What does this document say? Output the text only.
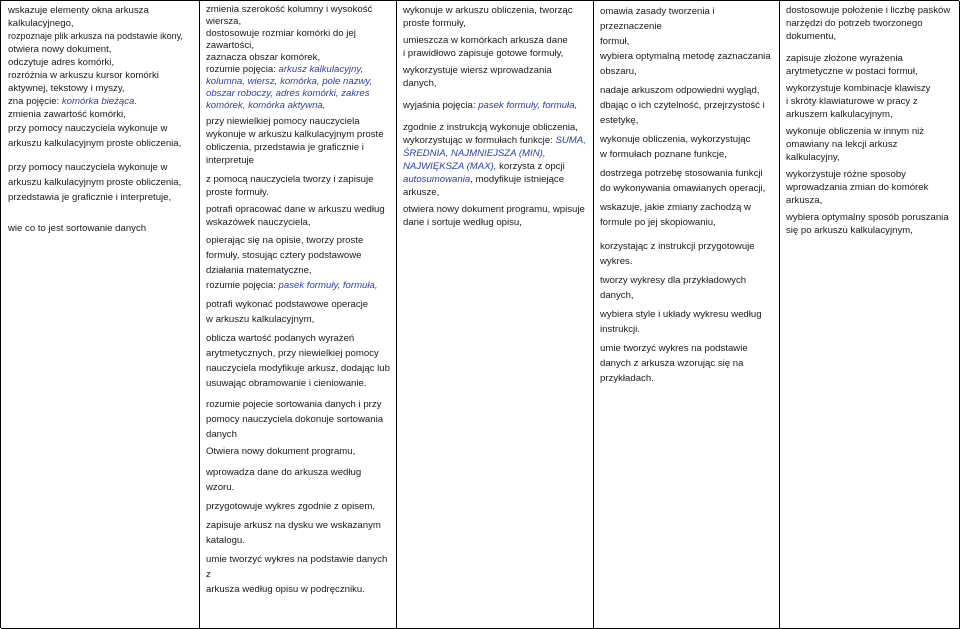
wskazuje elementy okna arkusza

kalkulacyjnego,

rozpoznaje plik arkusza na podstawie ikony,

otwiera nowy dokument,

odczytuje adres komórki,

rozróżnia w arkuszu kursor komórki

aktywnej, tekstowy i myszy,

zna pojęcie: komórka bieżąca.

zmienia zawartość komórki,

przy pomocy nauczyciela wykonuje w

arkuszu kalkulacyjnym proste obliczenia,

przy pomocy nauczyciela wykonuje w

arkuszu kalkulacyjnym proste obliczenia,

przedstawia je graficznie i interpretuje,

wie co to jest sortowanie danych

zmienia szerokość kolumny i wysokość

wiersza,

dostosowuje rozmiar komórki do jej

zawartości,

zaznacza obszar komórek,

rozumie pojęcia: arkusz kalkulacyjny,

kolumna, wiersz, komórka, pole nazwy,

obszar roboczy, adres komórki, zakres

komórek, komórka aktywna,

przy niewielkiej pomocy nauczyciela

wykonuje w arkuszu kalkulacyjnym proste

obliczenia, przedstawia je graficznie i

interpretuje

z pomocą nauczyciela tworzy i zapisuje

proste formuły.

potrafi opracować dane w arkuszu według

wskazówek nauczyciela,

opierając się na opisie, tworzy proste

formuły, stosując cztery podstawowe

działania matematyczne,

rozumie pojęcia: pasek formuły, formuła,

potrafi wykonać podstawowe operacje

w arkuszu kalkulacyjnym,

oblicza wartość podanych wyrażeń

arytmetycznych, przy niewielkiej pomocy

nauczyciela modyfikuje arkusz, dodając lub

usuwając obramowanie i cieniowanie.

rozumie pojecie sortowania danych i przy

pomocy nauczyciela dokonuje sortowania

danych

Otwiera nowy dokument programu,

wprowadza dane do arkusza według wzoru.

przygotowuje wykres zgodnie z opisem,

zapisuje arkusz na dysku we wskazanym

katalogu.

umie tworzyć wykres na podstawie danych z

arkusza według opisu w podręczniku.

wykonuje w arkuszu obliczenia, tworząc

proste formuły,

umieszcza w komórkach arkusza dane

i prawidłowo zapisuje gotowe formuły,

wykorzystuje wiersz wprowadzania danych,

wyjaśnia pojęcia: pasek formuły, formuła,

zgodnie z instrukcją wykonuje obliczenia,

wykorzystując w formułach funkcje: SUMA,

ŚREDNIA, NAJMNIEJSZA (MIN),

NAJWIĘKSZA (MAX), korzysta z opcji

autosumowania, modyfikuje istniejące

arkusze,

otwiera nowy dokument programu, wpisuje

dane i sortuje według opisu,

omawia zasady tworzenia i przeznaczenie

formuł,

wybiera optymalną metodę zaznaczania

obszaru,

nadaje arkuszom odpowiedni wygląd,

dbając o ich czytelność, przejrzystość i

estetykę,

wykonuje obliczenia, wykorzystując

w formułach poznane funkcje,

dostrzega potrzebę stosowania funkcji

do wykonywania omawianych operacji,

wskazuje, jakie zmiany zachodzą w

formule po jej skopiowaniu,

korzystając z instrukcji przygotowuje

wykres.

tworzy wykresy dla przykładowych

danych,

wybiera style i układy wykresu według

instrukcji.

umie tworzyć wykres na podstawie

danych z arkusza wzorując się na

przykładach.

dostosowuje położenie i liczbę pasków

narzędzi do potrzeb tworzonego

dokumentu,

zapisuje złożone wyrażenia

arytmetyczne w postaci formuł,

wykorzystuje kombinacje klawiszy

i skróty klawiaturowe w pracy z

arkuszem kalkulacyjnym,

wykonuje obliczenia w innym niż

omawiany na lekcji arkusz

kalkulacyjny,

wykorzystuje różne sposoby

wprowadzania zmian do komórek

arkusza,

wybiera optymalny sposób poruszania

się po arkuszu kalkulacyjnym,
